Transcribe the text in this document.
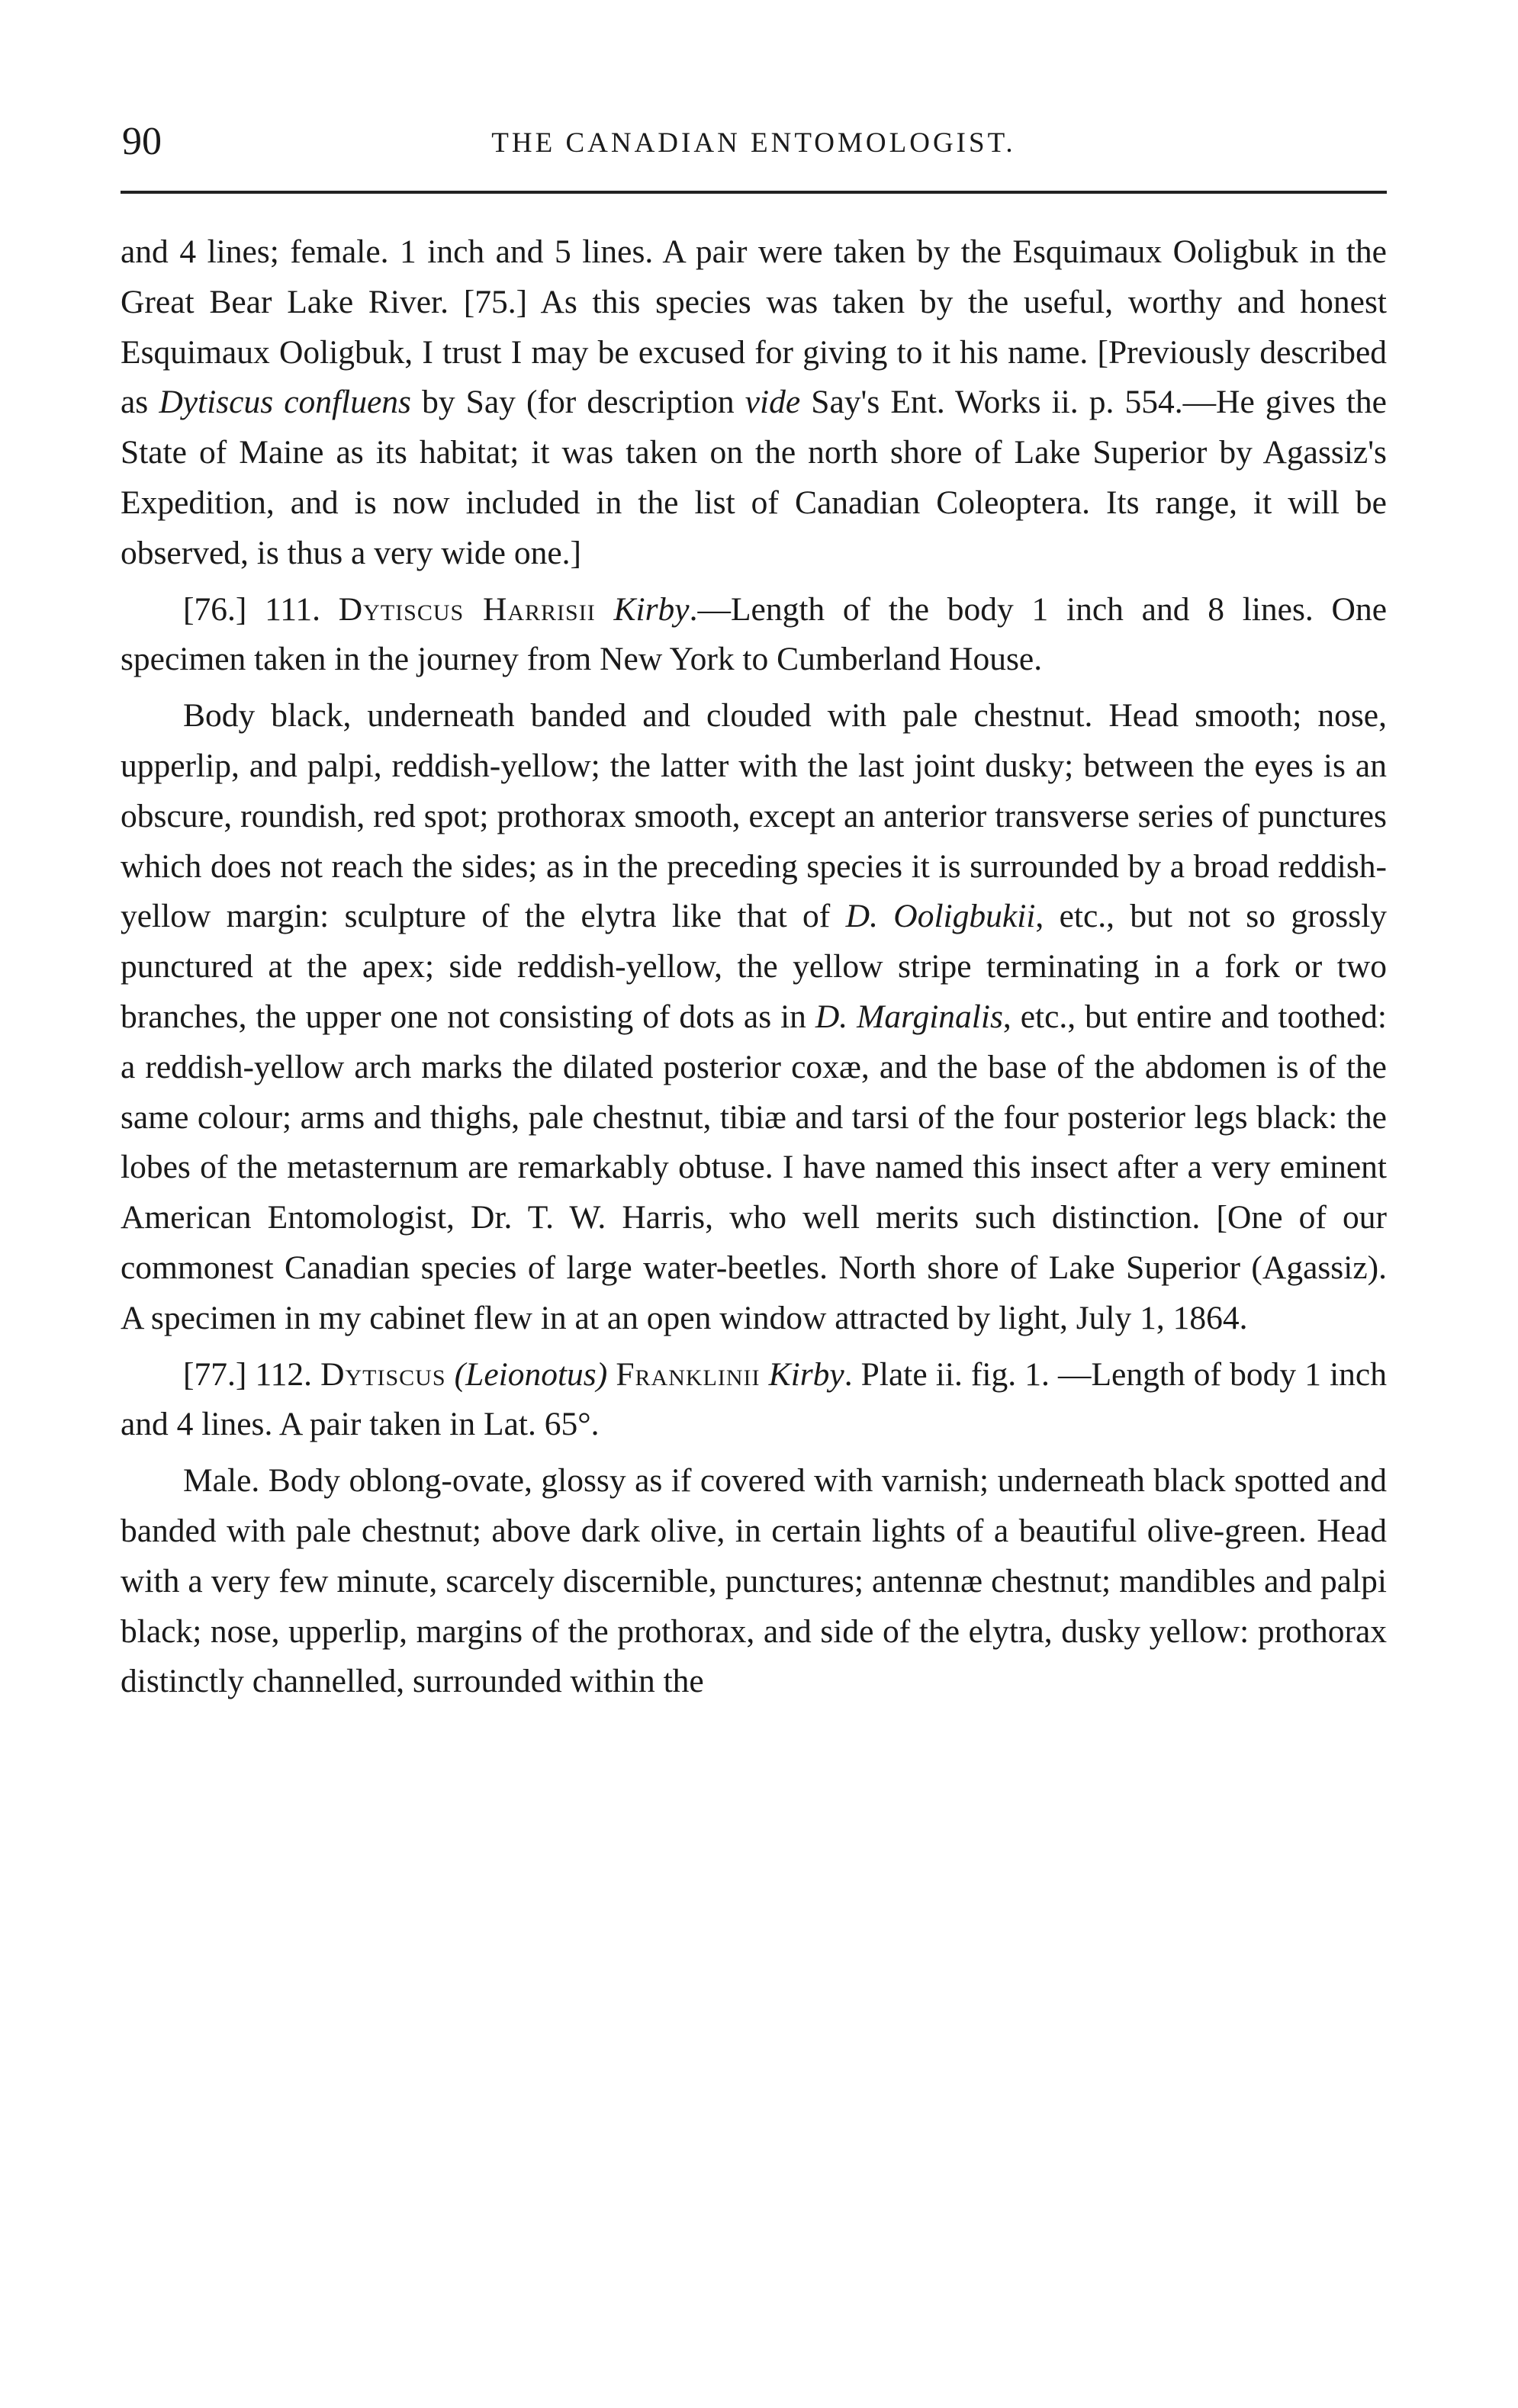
90	THE CANADIAN ENTOMOLOGIST.

and 4 lines; female. 1 inch and 5 lines. A pair were taken by the Esquimaux Ooligbuk in the Great Bear Lake River. [75.] As this species was taken by the useful, worthy and honest Esquimaux Ooligbuk, I trust I may be excused for giving to it his name. [Previously described as Dytiscus confluens by Say (for description vide Say's Ent. Works ii. p. 554.—He gives the State of Maine as its habitat; it was taken on the north shore of Lake Superior by Agassiz's Expedition, and is now included in the list of Canadian Coleoptera. Its range, it will be observed, is thus a very wide one.]

[76.] 111. Dytiscus Harrisii Kirby.—Length of the body 1 inch and 8 lines. One specimen taken in the journey from New York to Cumberland House.

Body black, underneath banded and clouded with pale chestnut. Head smooth; nose, upperlip, and palpi, reddish-yellow; the latter with the last joint dusky; between the eyes is an obscure, roundish, red spot; prothorax smooth, except an anterior transverse series of punctures which does not reach the sides; as in the preceding species it is surrounded by a broad reddish-yellow margin: sculpture of the elytra like that of D. Ooligbukii, etc., but not so grossly punctured at the apex; side reddish-yellow, the yellow stripe terminating in a fork or two branches, the upper one not consisting of dots as in D. Marginalis, etc., but entire and toothed: a reddish-yellow arch marks the dilated posterior coxæ, and the base of the abdomen is of the same colour; arms and thighs, pale chestnut, tibiæ and tarsi of the four posterior legs black: the lobes of the metasternum are remarkably obtuse. I have named this insect after a very eminent American Entomologist, Dr. T. W. Harris, who well merits such distinction. [One of our commonest Canadian species of large water-beetles. North shore of Lake Superior (Agassiz). A specimen in my cabinet flew in at an open window attracted by light, July 1, 1864.

[77.] 112. Dytiscus (Leionotus) Franklinii Kirby. Plate ii. fig. 1. —Length of body 1 inch and 4 lines. A pair taken in Lat. 65°.

Male. Body oblong-ovate, glossy as if covered with varnish; underneath black spotted and banded with pale chestnut; above dark olive, in certain lights of a beautiful olive-green. Head with a very few minute, scarcely discernible, punctures; antennæ chestnut; mandibles and palpi black; nose, upperlip, margins of the prothorax, and side of the elytra, dusky yellow: prothorax distinctly channelled, surrounded within the
